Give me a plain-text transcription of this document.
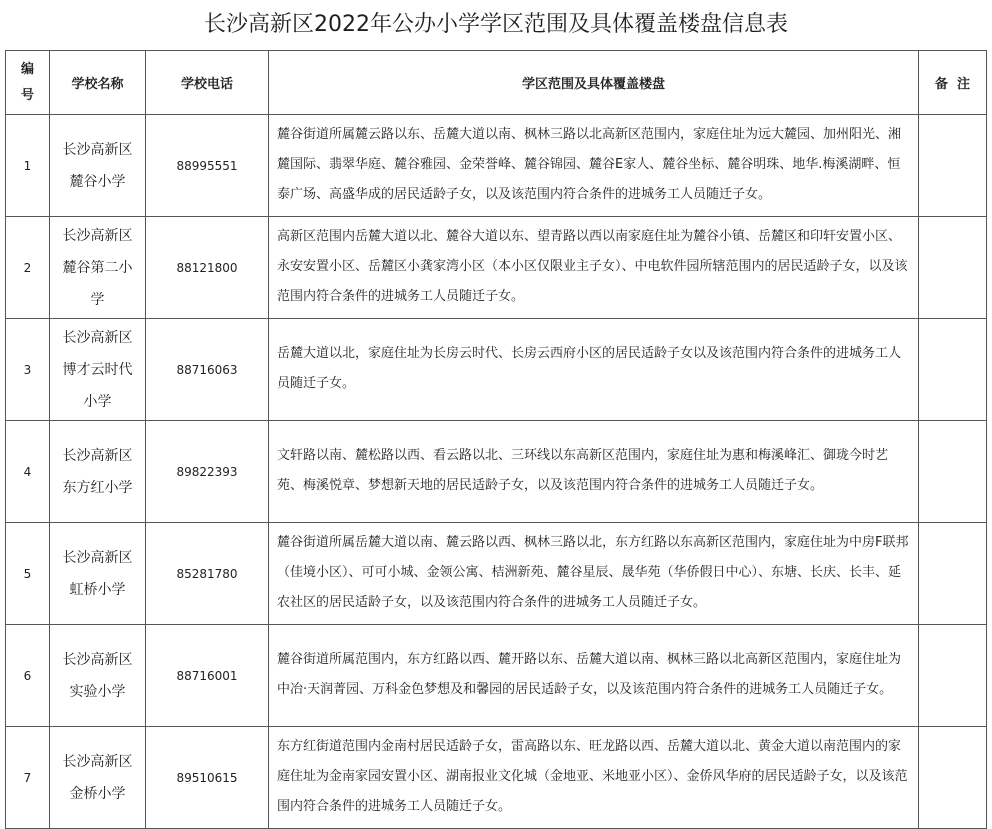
长沙高新区2022年公办小学学区范围及具体覆盖楼盘信息表
编
号	学校名称	学校电话	学区范围及具体覆盖楼盘	备  注
1	长沙高新区麓谷小学	88995551	麓谷街道所属麓云路以东、岳麓大道以南、枫林三路以北高新区范围内，家庭住址为远大麓园、加州阳光、湘麓国际、翡翠华庭、麓谷雅园、金荣誉峰、麓谷锦园、麓谷E家人、麓谷坐标、麓谷明珠、地华.梅溪湖畔、恒泰广场、高盛华成的居民适龄子女，以及该范围内符合条件的进城务工人员随迁子女。	
2	长沙高新区麓谷第二小学	88121800	高新区范围内岳麓大道以北、麓谷大道以东、望青路以西以南家庭住址为麓谷小镇、岳麓区和印轩安置小区、永安安置小区、岳麓区小龚家湾小区（本小区仅限业主子女）、中电软件园所辖范围内的居民适龄子女，以及该范围内符合条件的进城务工人员随迁子女。	
3	长沙高新区博才云时代小学	88716063	岳麓大道以北，家庭住址为长房云时代、长房云西府小区的居民适龄子女以及该范围内符合条件的进城务工人员随迁子女。	
4	长沙高新区东方红小学	89822393	文轩路以南、麓松路以西、看云路以北、三环线以东高新区范围内，家庭住址为惠和梅溪峰汇、御珑今时艺苑、梅溪悦章、梦想新天地的居民适龄子女，以及该范围内符合条件的进城务工人员随迁子女。	
5	长沙高新区虹桥小学	85281780	麓谷街道所属岳麓大道以南、麓云路以西、枫林三路以北，东方红路以东高新区范围内，家庭住址为中房F联邦（佳境小区）、可可小城、金领公寓、桔洲新苑、麓谷星辰、晟华苑（华侨假日中心）、东塘、长庆、长丰、延农社区的居民适龄子女，以及该范围内符合条件的进城务工人员随迁子女。	
6	长沙高新区实验小学	88716001	麓谷街道所属范围内，东方红路以西、麓开路以东、岳麓大道以南、枫林三路以北高新区范围内，家庭住址为中冶·天润菁园、万科金色梦想及和馨园的居民适龄子女，以及该范围内符合条件的进城务工人员随迁子女。	
7	长沙高新区金桥小学	89510615	东方红街道范围内金南村居民适龄子女，雷高路以东、旺龙路以西、岳麓大道以北、黄金大道以南范围内的家庭住址为金南家园安置小区、湖南报业文化城（金地亚、米地亚小区）、金侨风华府的居民适龄子女，以及该范围内符合条件的进城务工人员随迁子女。	
